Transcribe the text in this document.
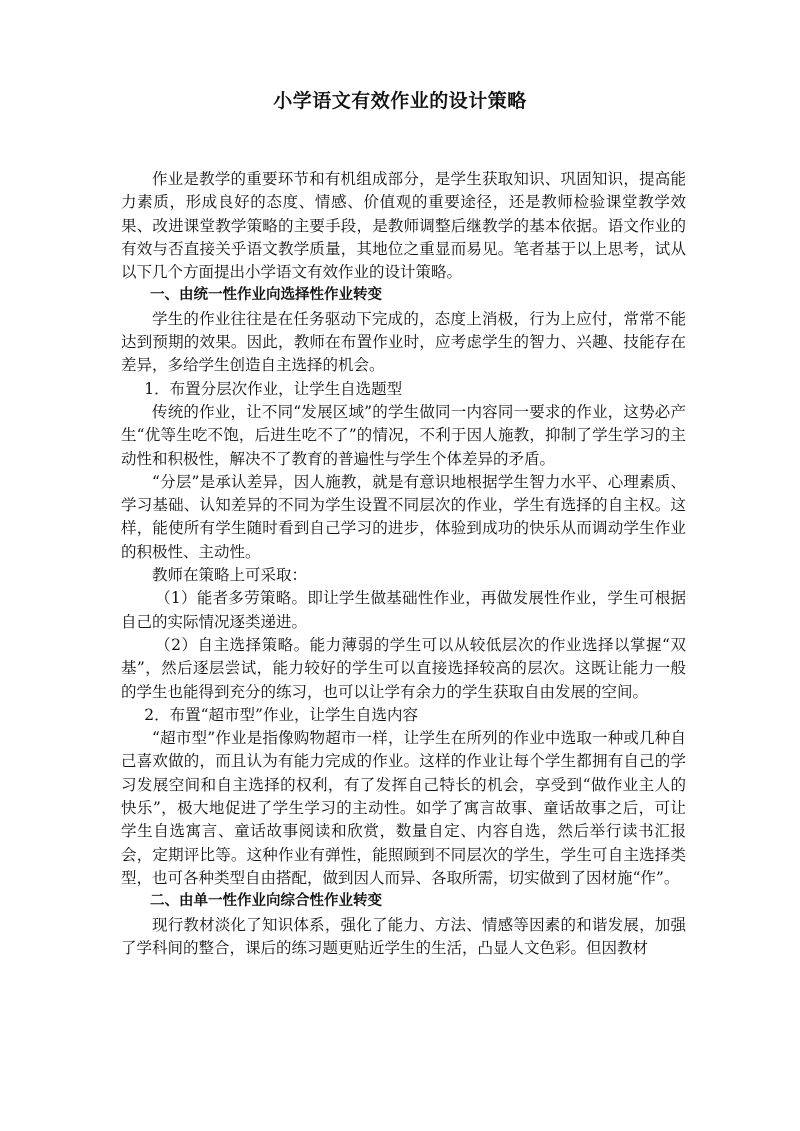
小学语文有效作业的设计策略

作业是教学的重要环节和有机组成部分，是学生获取知识、巩固知识，提高能力素质，形成良好的态度、情感、价值观的重要途径，还是教师检验课堂教学效果、改进课堂教学策略的主要手段，是教师调整后继教学的基本依据。语文作业的有效与否直接关乎语文教学质量，其地位之重显而易见。笔者基于以上思考，试从以下几个方面提出小学语文有效作业的设计策略。

一、由统一性作业向选择性作业转变

学生的作业往往是在任务驱动下完成的，态度上消极，行为上应付，常常不能达到预期的效果。因此，教师在布置作业时，应考虑学生的智力、兴趣、技能存在差异，多给学生创造自主选择的机会。

1．布置分层次作业，让学生自选题型

传统的作业，让不同“发展区域”的学生做同一内容同一要求的作业，这势必产生“优等生吃不饱，后进生吃不了”的情况，不利于因人施教，抑制了学生学习的主动性和积极性，解决不了教育的普遍性与学生个体差异的矛盾。

“分层”是承认差异，因人施教，就是有意识地根据学生智力水平、心理素质、学习基础、认知差异的不同为学生设置不同层次的作业，学生有选择的自主权。这样，能使所有学生随时看到自己学习的进步，体验到成功的快乐从而调动学生作业的积极性、主动性。

教师在策略上可采取：

（1）能者多劳策略。即让学生做基础性作业，再做发展性作业，学生可根据自己的实际情况逐类递进。

（2）自主选择策略。能力薄弱的学生可以从较低层次的作业选择以掌握“双基”，然后逐层尝试，能力较好的学生可以直接选择较高的层次。这既让能力一般的学生也能得到充分的练习，也可以让学有余力的学生获取自由发展的空间。

2．布置“超市型”作业，让学生自选内容

“超市型”作业是指像购物超市一样，让学生在所列的作业中选取一种或几种自己喜欢做的，而且认为有能力完成的作业。这样的作业让每个学生都拥有自己的学习发展空间和自主选择的权利，有了发挥自己特长的机会，享受到“做作业主人的快乐”，极大地促进了学生学习的主动性。如学了寓言故事、童话故事之后，可让学生自选寓言、童话故事阅读和欣赏，数量自定、内容自选，然后举行读书汇报会，定期评比等。这种作业有弹性，能照顾到不同层次的学生，学生可自主选择类型，也可各种类型自由搭配，做到因人而异、各取所需，切实做到了因材施“作”。

二、由单一性作业向综合性作业转变

现行教材淡化了知识体系，强化了能力、方法、情感等因素的和谐发展，加强了学科间的整合，课后的练习题更贴近学生的生活，凸显人文色彩。但因教材
